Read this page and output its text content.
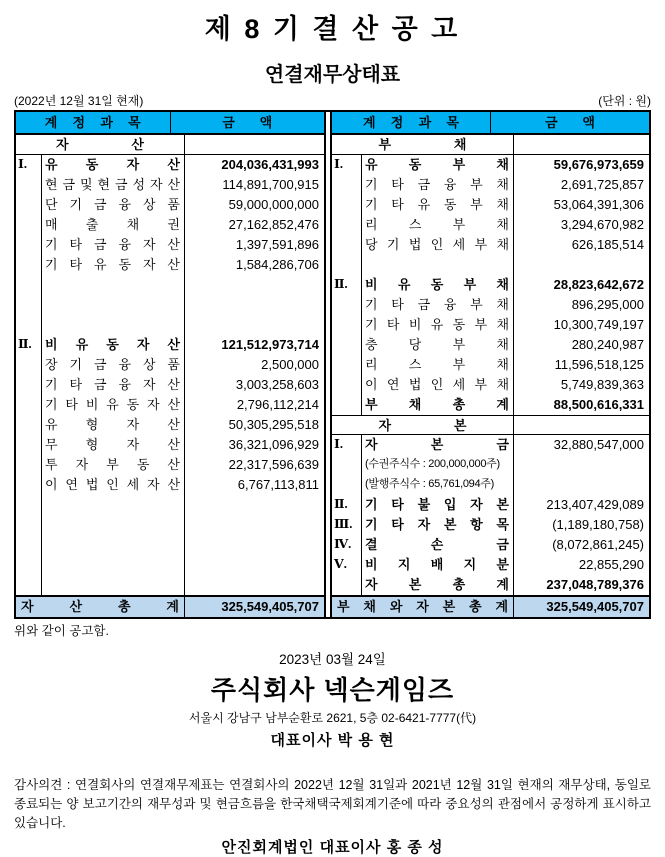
제 8 기 결 산 공 고
연결재무상태표
(2022년 12월 31일 현재)	(단위 : 원)
계 정 과 목	금 액
자 산
Ⅰ.	유 동 자 산	204,036,431,993
현 금 및 현 금 성 자 산	114,891,700,915
단 기 금 융 상 품	59,000,000,000
매 출 채 권	27,162,852,476
기 타 금 융 자 산	1,397,591,896
기 타 유 동 자 산	1,584,286,706
Ⅱ.	비 유 동 자 산	121,512,973,714
장 기 금 융 상 품	2,500,000
기 타 금 융 자 산	3,003,258,603
기 타 비 유 동 자 산	2,796,112,214
유 형 자 산	50,305,295,518
무 형 자 산	36,321,096,929
투 자 부 동 산	22,317,596,639
이 연 법 인 세 자 산	6,767,113,811
자 산 총 계	325,549,405,707
계 정 과 목	금 액
부 채
Ⅰ.	유 동 부 채	59,676,973,659
기 타 금 융 부 채	2,691,725,857
기 타 유 동 부 채	53,064,391,306
리 스 부 채	3,294,670,982
당 기 법 인 세 부 채	626,185,514
Ⅱ.	비 유 동 부 채	28,823,642,672
기 타 금 융 부 채	896,295,000
기 타 비 유 동 부 채	10,300,749,197
충 당 부 채	280,240,987
리 스 부 채	11,596,518,125
이 연 법 인 세 부 채	5,749,839,363
부 채 총 계	88,500,616,331
자 본
Ⅰ.	자 본 금	32,880,547,000
(수권주식수 : 200,000,000주)
(발행주식수 : 65,761,094주)
Ⅱ.	기 타 불 입 자 본	213,407,429,089
Ⅲ. 기 타 자 본 항 목	(1,189,180,758)
Ⅳ.	결 손 금	(8,072,861,245)
Ⅴ.	비 지 배 지 분	22,855,290
자 본 총 계	237,048,789,376
부 채 와 자 본 총 계	325,549,405,707
위와 같이 공고함.
2023년 03월 24일
주식회사 넥슨게임즈
서울시 강남구 남부순환로 2621, 5층 02-6421-7777(代)
대표이사 박 용 현
감사의견 : 연결회사의 연결재무제표는 연결회사의 2022년 12월 31일과 2021년 12월 31일 현재의 재무상태, 동일로 종료되는 양 보고기간의 재무성과 및 현금흐름을 한국채택국제회계기준에 따라 중요성의 관점에서 공정하게 표시하고 있습니다.
안진회계법인 대표이사 홍 종 성
